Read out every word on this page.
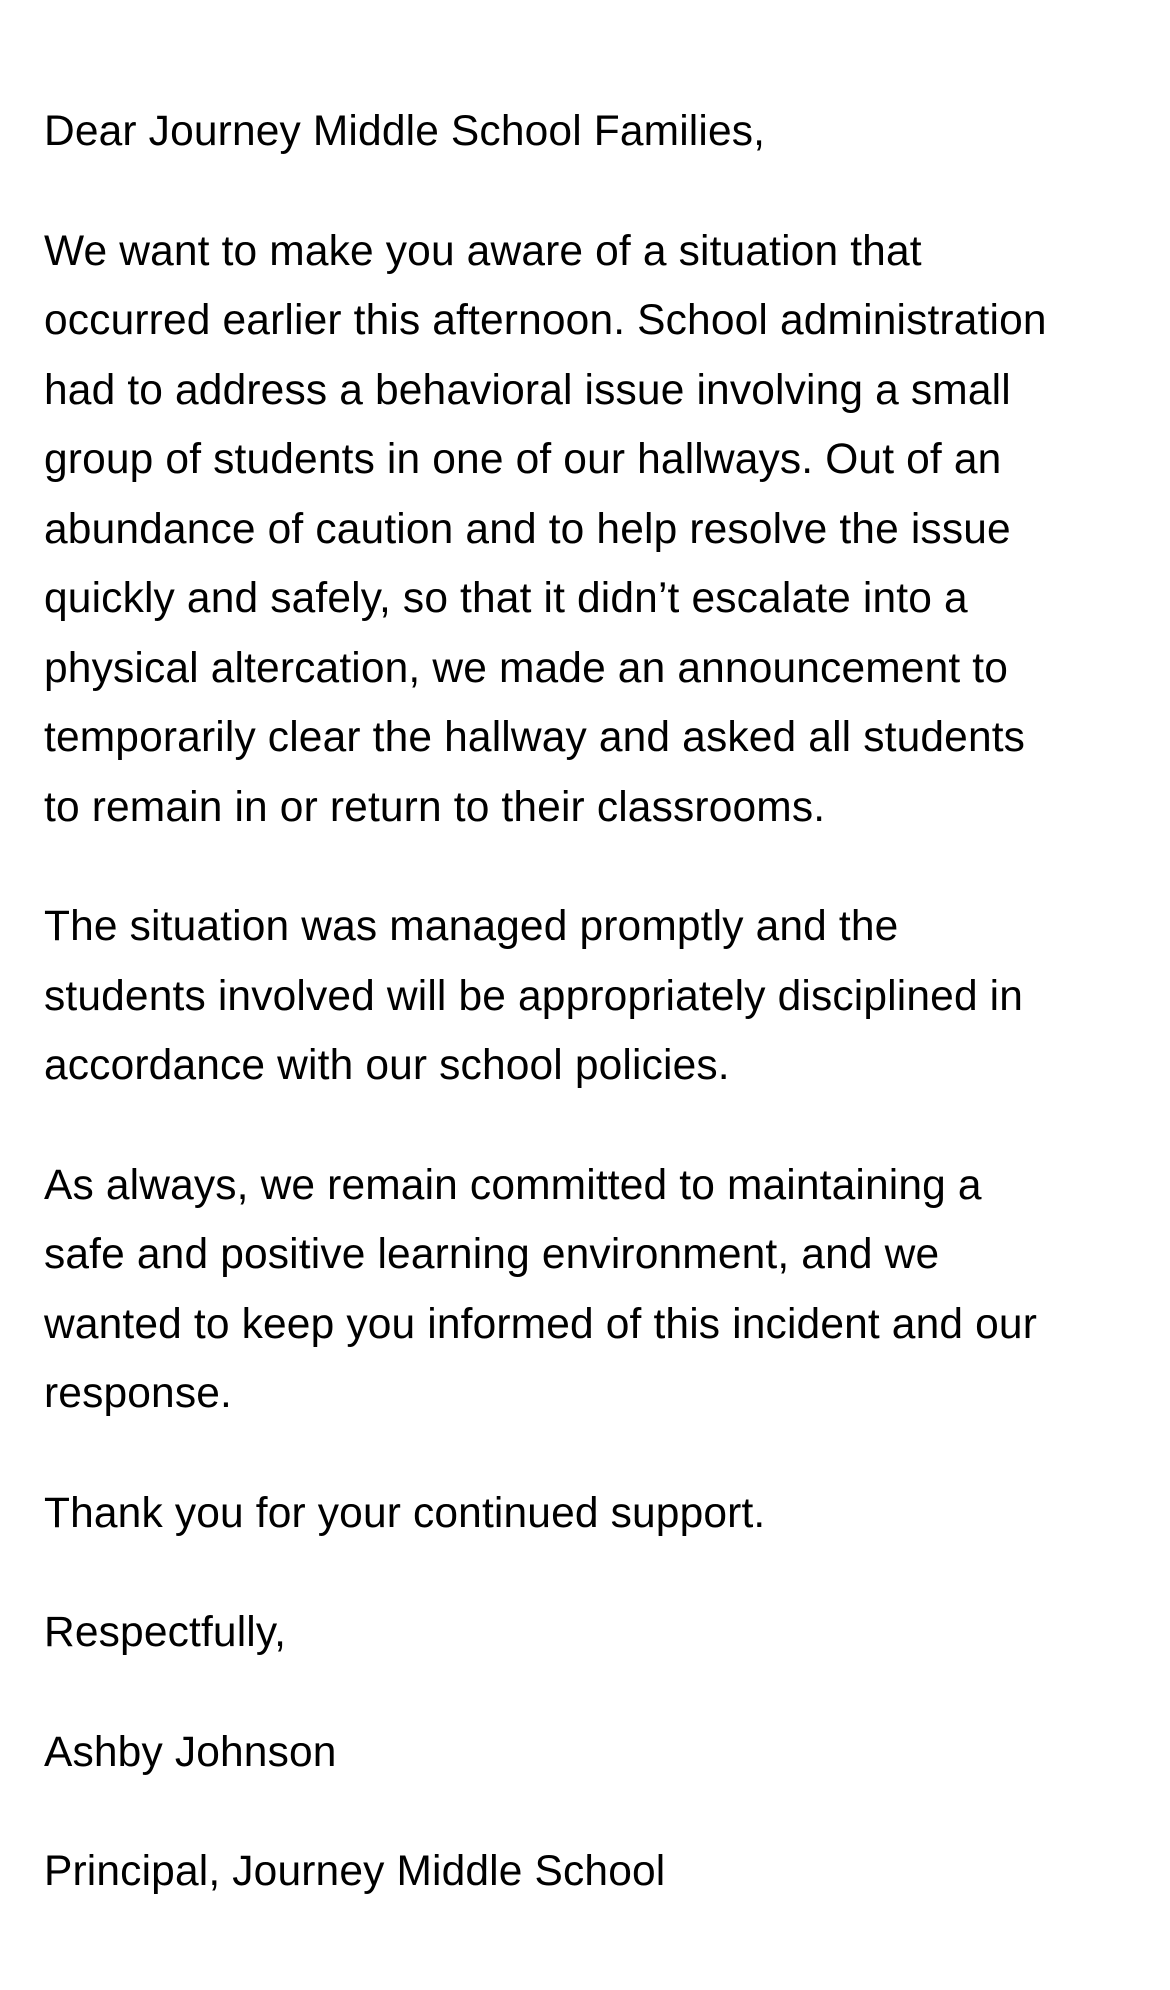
Dear Journey Middle School Families,

We want to make you aware of a situation that
occurred earlier this afternoon. School administration
had to address a behavioral issue involving a small
group of students in one of our hallways. Out of an
abundance of caution and to help resolve the issue
quickly and safely, so that it didn’t escalate into a
physical altercation, we made an announcement to
temporarily clear the hallway and asked all students
to remain in or return to their classrooms.

The situation was managed promptly and the
students involved will be appropriately disciplined in
accordance with our school policies.

As always, we remain committed to maintaining a
safe and positive learning environment, and we
wanted to keep you informed of this incident and our
response.

Thank you for your continued support.

Respectfully,

Ashby Johnson

Principal, Journey Middle School
